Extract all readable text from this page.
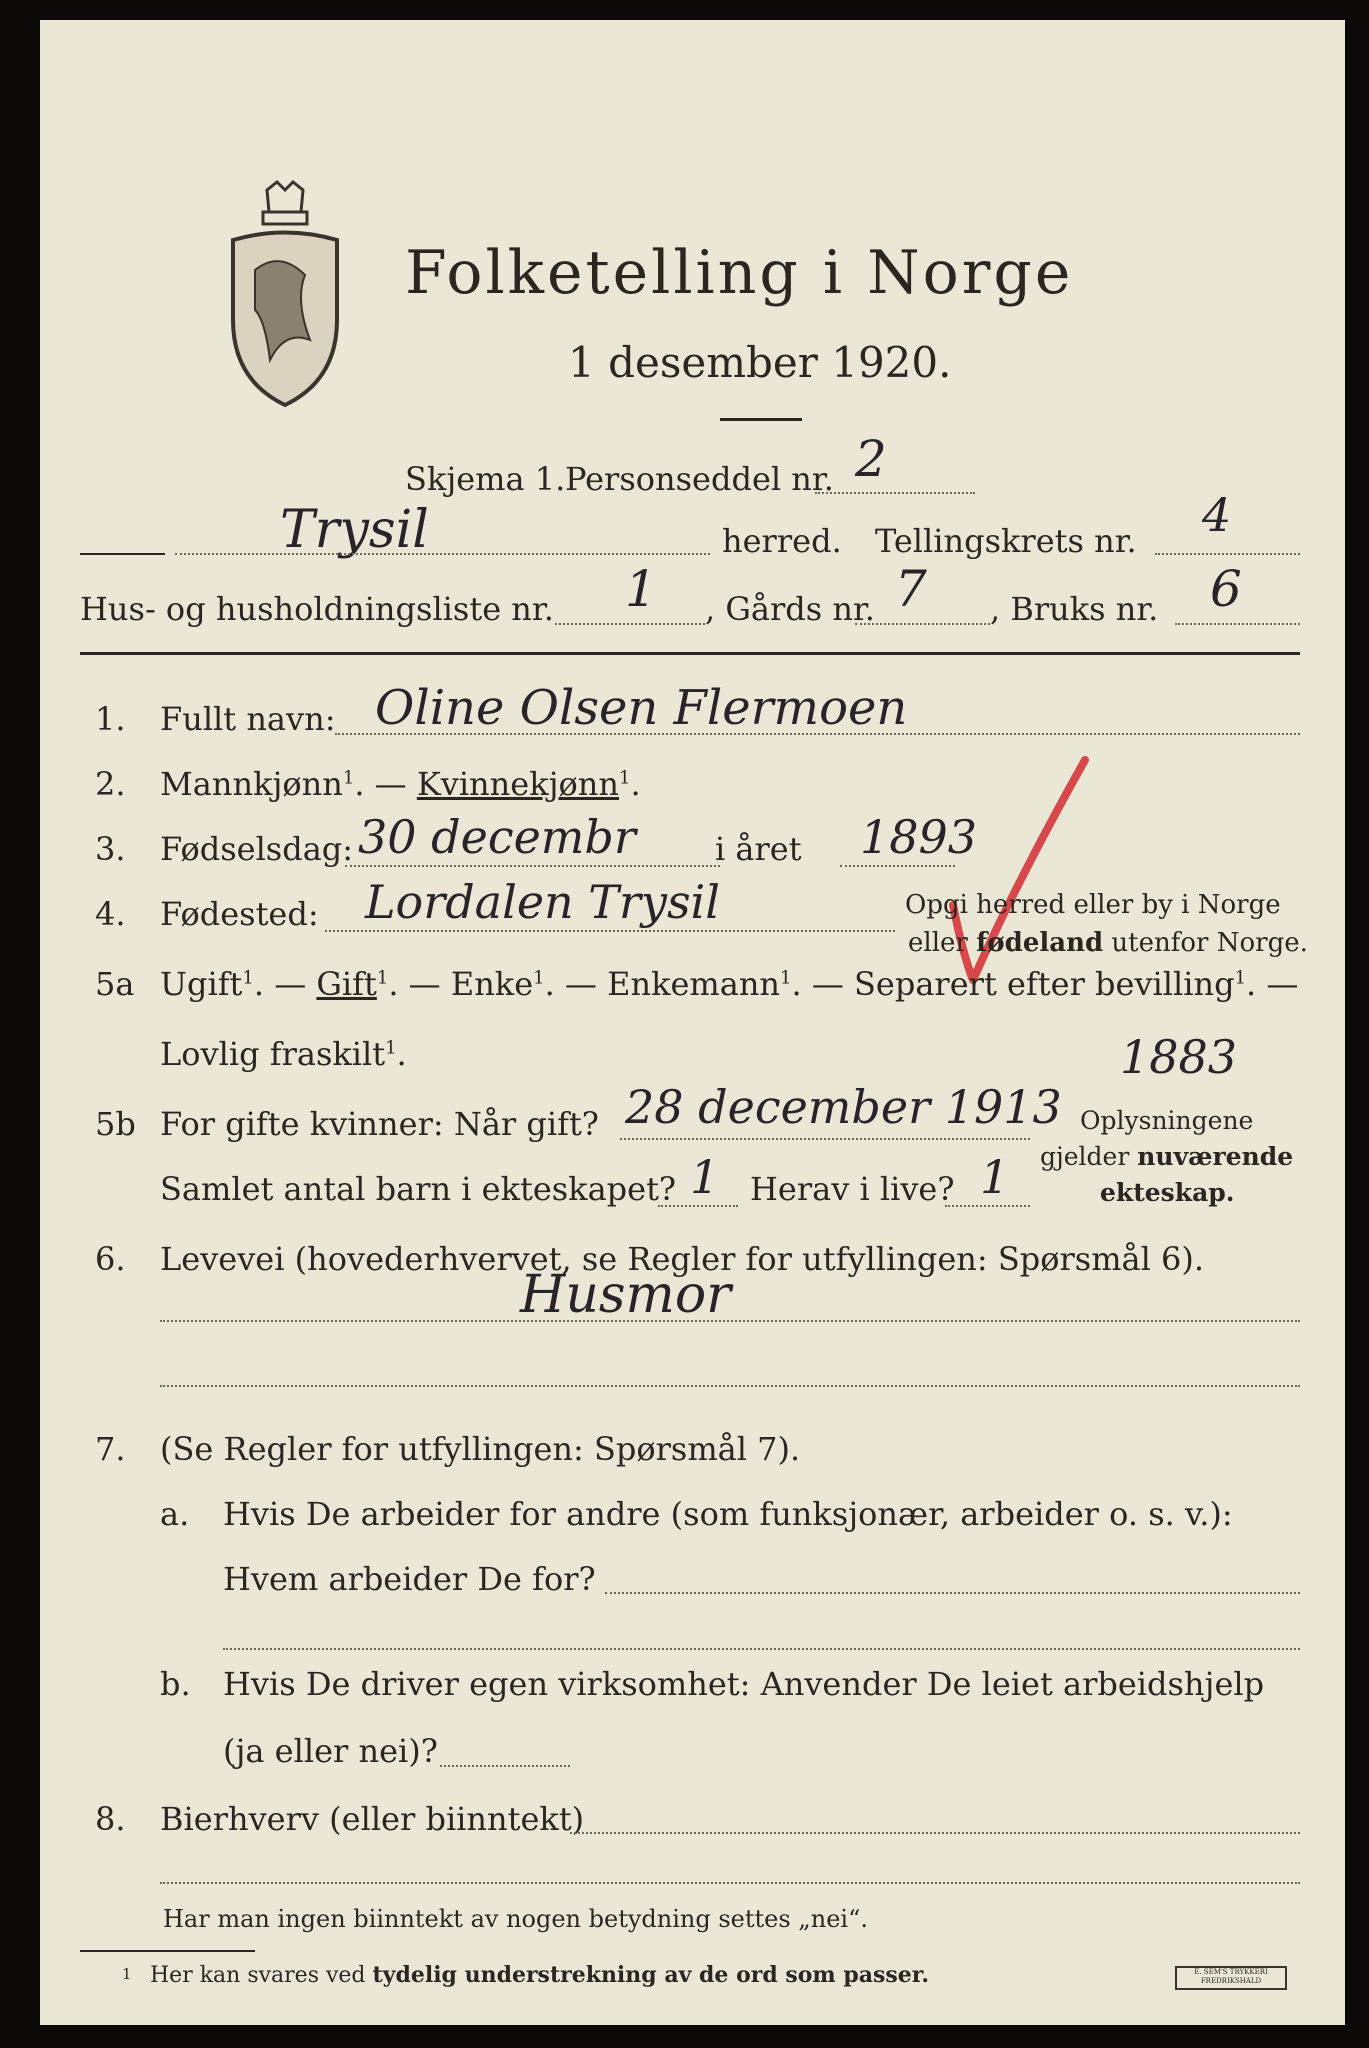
Folketelling i Norge
1 desember 1920.
Skjema 1. Personseddel nr. 2
Trysil	herred. Tellingskrets nr. 4
Hus- og husholdningsliste nr. 1 , Gårds nr. 7 , Bruks nr. 6
1. Fullt navn: Oline Olsen Flermoen
2. Mannkjønn$^1$. — Kvinnekjønn$^1$.
3. Fødselsdag: 30 decembr i året 1893
4. Fødested: Lordalen Trysil	Opgi herred eller by i Norge
eller fødeland utenfor Norge.
5a Ugift$^1$. — Gift$^1$. — Enke$^1$. — Enkemann$^1$. — Separert efter bevilling$^1$. —
Lovlig fraskilt$^1$.	1883
5b For gifte kvinner: Når gift? 28 december 1913
Samlet antal barn i ekteskapet? 1 Herav i live? 1
Oplysningene
gjelder nuværende
ekteskap.
6. Levevei (hovederhvervet, se Regler for utfyllingen: Spørsmål 6).
Husmor
7. (Se Regler for utfyllingen: Spørsmål 7).
a. Hvis De arbeider for andre (som funksjonær, arbeider o. s. v.):
Hvem arbeider De for?
b. Hvis De driver egen virksomhet: Anvender De leiet arbeidshjelp
(ja eller nei)?
8. Bierhverv (eller biinntekt)
Har man ingen biinntekt av nogen betydning settes „nei“.
1 Her kan svares ved tydelig understrekning av de ord som passer.	E. SEM'S TRYKKERI FREDRIKSHALD
